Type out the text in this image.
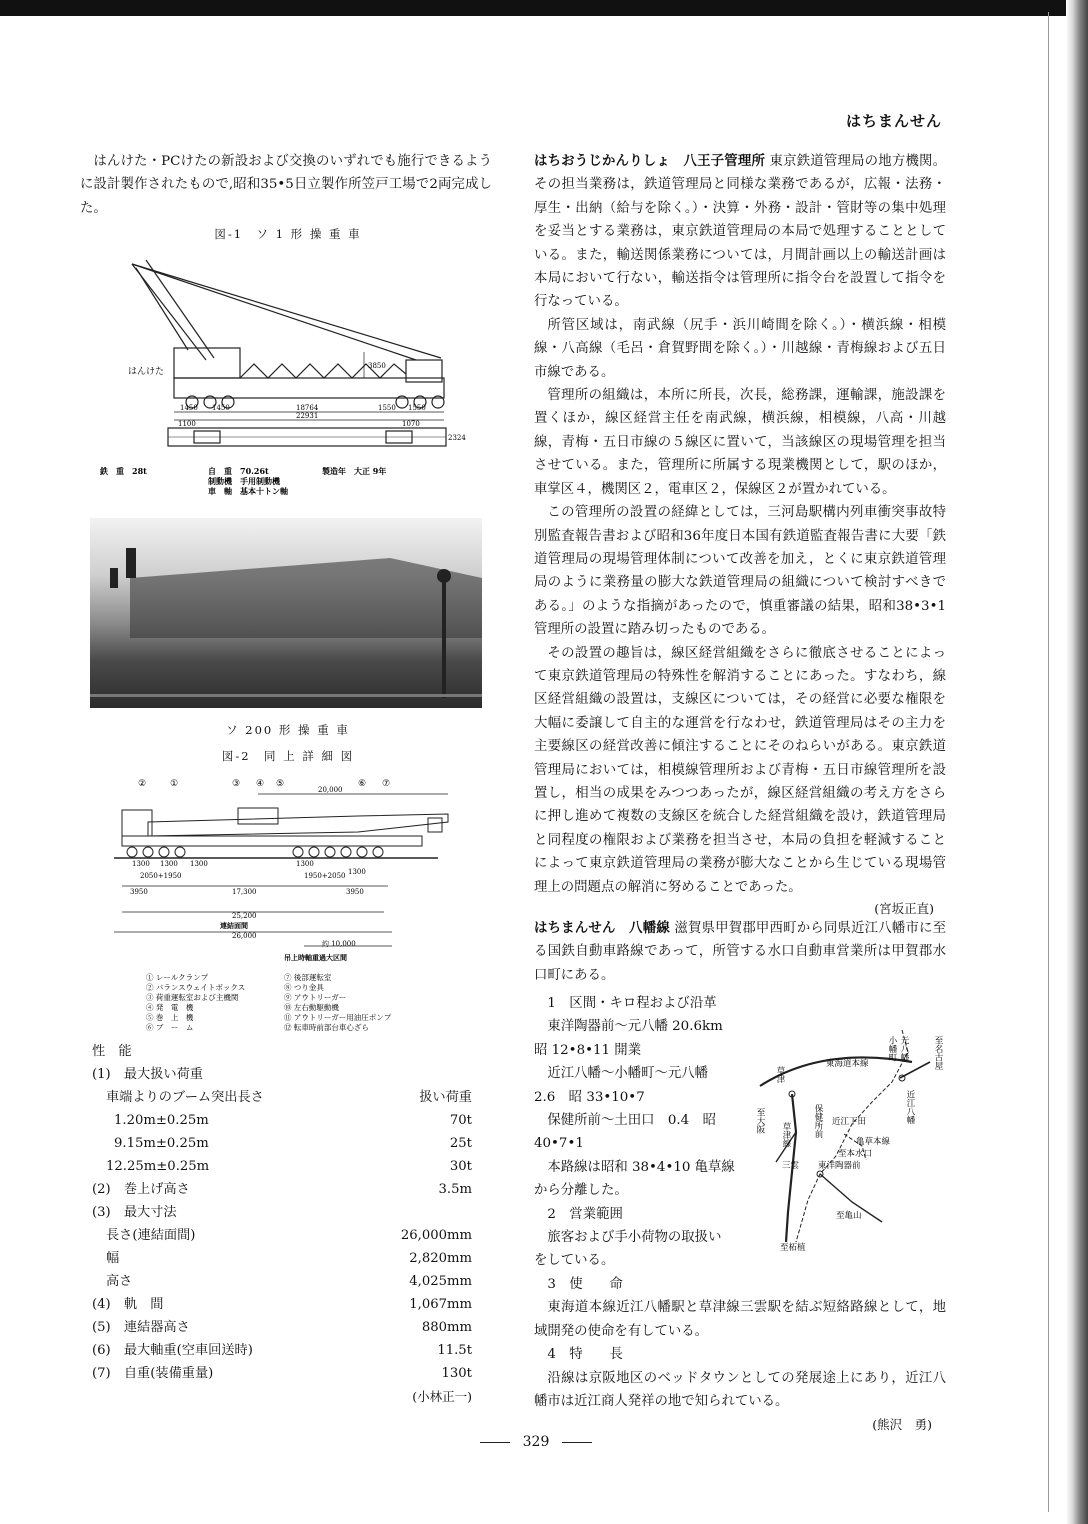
はちまんせん

はんけた・PCけたの新設および交換のいずれでも施行できるように設計製作されたもので,昭和35•5日立製作所笠戸工場で2両完成した。

図-1　ソ 1 形 操 重 車

はんけた
1450 1450	18764	1550 1550
1100
22931
1070
3850
2324
鉄　重　28t	自　重　70.26t
制動機　手用制動機
車　軸　基本十トン軸
製造年　大正 9年

ソ 200 形 操 重 車

図-2　同 上 詳 細 図

②	①	③ ④ ⑤	⑥ ⑦
20,000
1300 1300 1300	1300
1300
2050+1950	1950+2050
3950	17,300	3950
25,200
連結面間
26,000
約 10,000
吊上時軸重過大区間
① レールクランプ
② バランスウェイトボックス
③ 荷重運転室および主機関
④ 発　電　機
⑤ 巻　上　機
⑥ ブ　ー　ム
⑦ 後部運転室
⑧ つり金具
⑨ アウトリーガー
⑩ 左右動駆動機
⑪ アウトリーガー用油圧ポンプ
⑫ 転車時前部台車心ざら
性　能
(1)　最大扱い荷重
車端よりのブーム突出長さ	扱い荷重
1.20m±0.25m	70t
9.15m±0.25m	25t
12.25m±0.25m	30t
(2)　巻上げ高さ	3.5m
(3)　最大寸法
長さ(連結面間)	26,000mm
幅	2,820mm
高さ	4,025mm
(4)　軌　間	1,067mm
(5)　連結器高さ	880mm
(6)　最大軸重(空車回送時)	11.5t
(7)　自重(装備重量)	130t
(小林正一)

はちおうじかんりしょ　八王子管理所 東京鉄道管理局の地方機関。その担当業務は，鉄道管理局と同様な業務であるが，広報・法務・厚生・出納（給与を除く。）・決算・外務・設計・管財等の集中処理を妥当とする業務は，東京鉄道管理局の本局で処理することとしている。また，輸送関係業務については，月間計画以上の輸送計画は本局において行ない，輸送指令は管理所に指令台を設置して指令を行なっている。

所管区域は，南武線（尻手・浜川崎間を除く。）・横浜線・相模線・八高線（毛呂・倉賀野間を除く。）・川越線・青梅線および五日市線である。

管理所の組織は，本所に所長，次長，総務課，運輸課，施設課を置くほか，線区経営主任を南武線，横浜線，相模線，八高・川越線，青梅・五日市線の５線区に置いて，当該線区の現場管理を担当させている。また，管理所に所属する現業機関として，駅のほか，車掌区４，機関区２，電車区２，保線区２が置かれている。

この管理所の設置の経緯としては，三河島駅構内列車衝突事故特別監査報告書および昭和36年度日本国有鉄道監査報告書に大要「鉄道管理局の現場管理体制について改善を加え，とくに東京鉄道管理局のように業務量の膨大な鉄道管理局の組織について検討すべきである。」のような指摘があったので，慎重審議の結果，昭和38•3•1管理所の設置に踏み切ったものである。

その設置の趣旨は，線区経営組織をさらに徹底させることによって東京鉄道管理局の特殊性を解消することにあった。すなわち，線区経営組織の設置は，支線区については，その経営に必要な権限を大幅に委譲して自主的な運営を行なわせ，鉄道管理局はその主力を主要線区の経営改善に傾注することにそのねらいがある。東京鉄道管理局においては，相模線管理所および青梅・五日市線管理所を設置し，相当の成果をみつつあったが，線区経営組織の考え方をさらに押し進めて複数の支線区を統合した経営組織を設け，鉄道管理局と同程度の権限および業務を担当させ，本局の負担を軽減することによって東京鉄道管理局の業務が膨大なことから生じている現場管理上の問題点の解消に努めることであった。

(宮坂正直)

はちまんせん　八幡線 滋賀県甲賀郡甲西町から同県近江八幡市に至る国鉄自動車路線であって，所管する水口自動車営業所は甲賀郡水口町にある。

1　区間・キロ程および沿革

東洋陶器前～元八幡 20.6km

昭 12•8•11 開業

近江八幡～小幡町～元八幡

2.6　昭 33•10•7

保健所前～土田口　0.4　昭

40•7•1

本路線は昭和 38•4•10 亀草線

から分離した。

2　営業範囲

旅客および手小荷物の取扱い

をしている。

3　使　　命

東海道本線近江八幡駅と草津線三雲駅を結ぶ短絡路線として，地域開発の使命を有している。

4　特　　長

沿線は京阪地区のベッドタウンとしての発展途上にあり，近江八幡市は近江商人発祥の地で知られている。

(熊沢　勇)

元八幡
小幡町	至名古屋
東海道本線
近江八幡
草津
至大阪	保健所前 近江下田
亀草本線
至本水口
東洋陶器前
三雲
草津線
至亀山
至柘植
329
